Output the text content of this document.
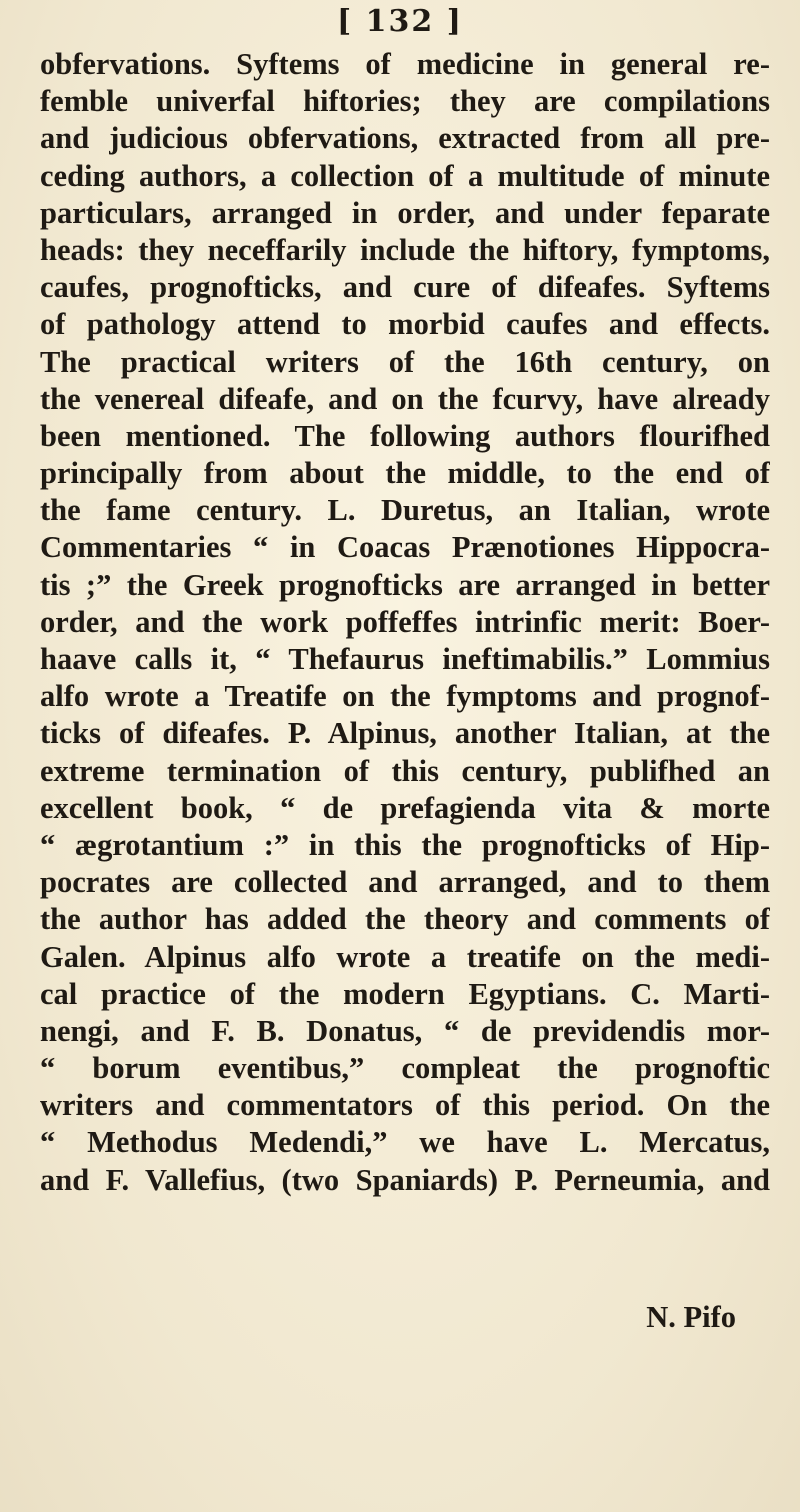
[ 132 ]
obfervations. Syftems of medicine in general re-
femble univerfal hiftories; they are compilations
and judicious obfervations, extracted from all pre-
ceding authors, a collection of a multitude of minute
particulars, arranged in order, and under feparate
heads: they neceffarily include the hiftory, fymptoms,
caufes, prognofticks, and cure of difeafes. Syftems
of pathology attend to morbid caufes and effects.
The practical writers of the 16th century, on
the venereal difeafe, and on the fcurvy, have already
been mentioned. The following authors flourifhed
principally from about the middle, to the end of
the fame century. L. Duretus, an Italian, wrote
Commentaries “ in Coacas Prænotiones Hippocra-
tis ;” the Greek prognofticks are arranged in better
order, and the work poffeffes intrinfic merit: Boer-
haave calls it, “ Thefaurus ineftimabilis.” Lommius
alfo wrote a Treatife on the fymptoms and prognof-
ticks of difeafes. P. Alpinus, another Italian, at the
extreme termination of this century, publifhed an
excellent book, “ de prefagienda vita & morte
“ ægrotantium :” in this the prognofticks of Hip-
pocrates are collected and arranged, and to them
the author has added the theory and comments of
Galen. Alpinus alfo wrote a treatife on the medi-
cal practice of the modern Egyptians. C. Marti-
nengi, and F. B. Donatus, “ de previdendis mor-
“ borum eventibus,” compleat the prognoftic
writers and commentators of this period. On the
“ Methodus Medendi,” we have L. Mercatus,
and F. Vallefius, (two Spaniards) P. Perneumia, and
N. Pifo
